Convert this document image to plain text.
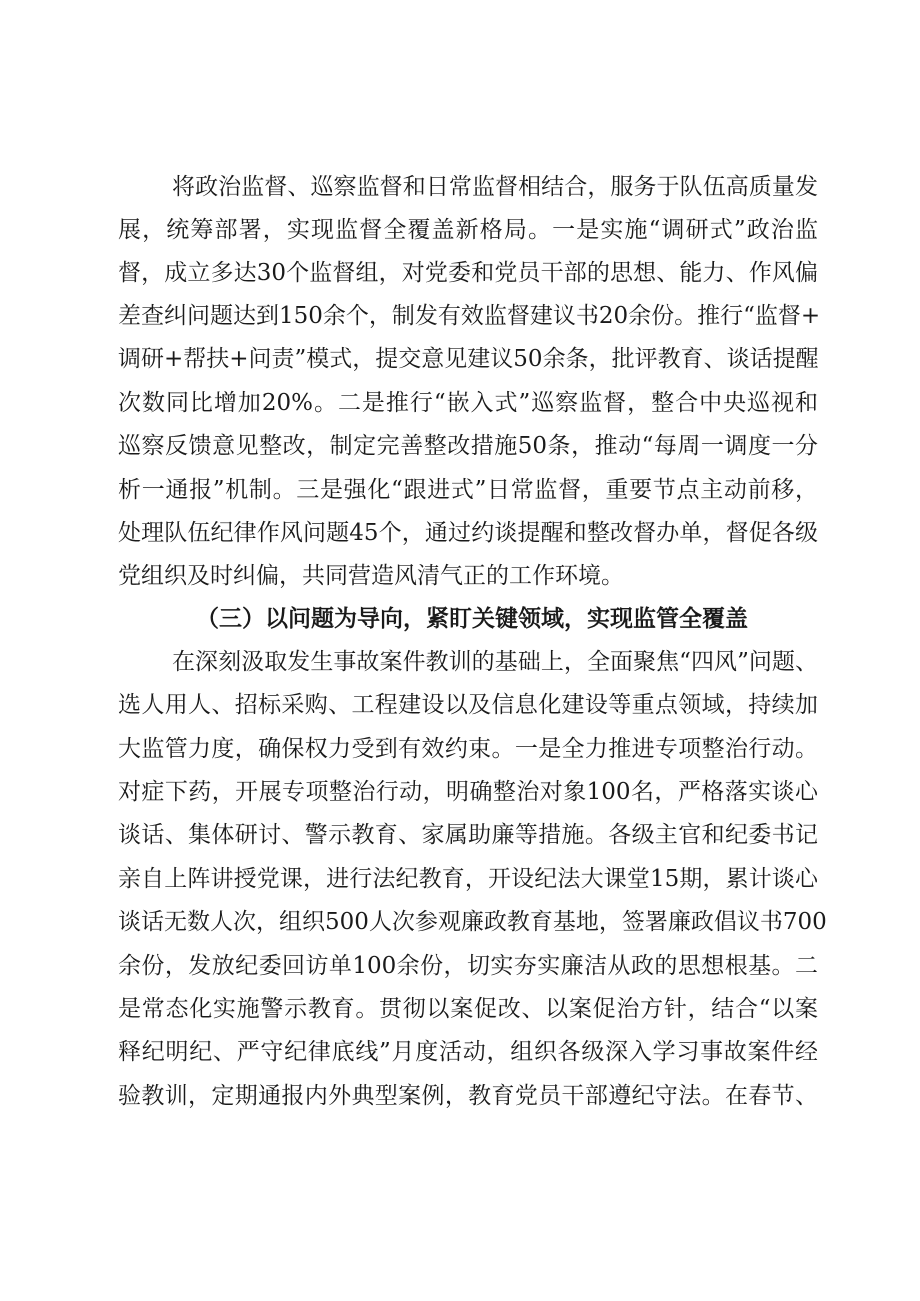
将政治监督、巡察监督和日常监督相结合，服务于队伍高质量发
展，统筹部署，实现监督全覆盖新格局。一是实施“调研式”政治监
督，成立多达30个监督组，对党委和党员干部的思想、能力、作风偏
差查纠问题达到150余个，制发有效监督建议书20余份。推行“监督+
调研+帮扶+问责”模式，提交意见建议50余条，批评教育、谈话提醒
次数同比增加20%。二是推行“嵌入式”巡察监督，整合中央巡视和
巡察反馈意见整改，制定完善整改措施50条，推动“每周一调度一分
析一通报”机制。三是强化“跟进式”日常监督，重要节点主动前移，
处理队伍纪律作风问题45个，通过约谈提醒和整改督办单，督促各级
党组织及时纠偏，共同营造风清气正的工作环境。
（三）以问题为导向，紧盯关键领域，实现监管全覆盖
在深刻汲取发生事故案件教训的基础上，全面聚焦“四风”问题、
选人用人、招标采购、工程建设以及信息化建设等重点领域，持续加
大监管力度，确保权力受到有效约束。一是全力推进专项整治行动。
对症下药，开展专项整治行动，明确整治对象100名，严格落实谈心
谈话、集体研讨、警示教育、家属助廉等措施。各级主官和纪委书记
亲自上阵讲授党课，进行法纪教育，开设纪法大课堂15期，累计谈心
谈话无数人次，组织500人次参观廉政教育基地，签署廉政倡议书700
余份，发放纪委回访单100余份，切实夯实廉洁从政的思想根基。二
是常态化实施警示教育。贯彻以案促改、以案促治方针，结合“以案
释纪明纪、严守纪律底线”月度活动，组织各级深入学习事故案件经
验教训，定期通报内外典型案例，教育党员干部遵纪守法。在春节、
